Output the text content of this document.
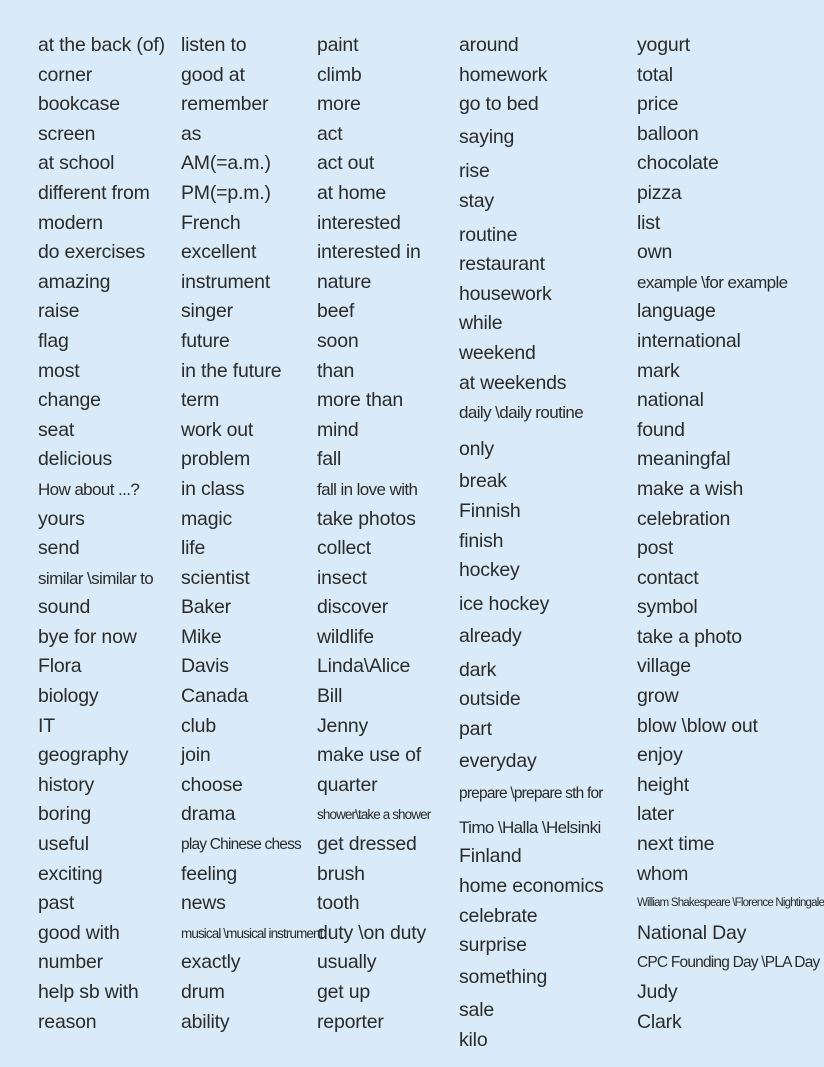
at the back (of)
corner
bookcase
screen
at school
different from
modern
do exercises
amazing
raise
flag
most
change
seat
delicious
How about ...?
yours
send
similar \similar to
sound
bye for now
Flora
biology
IT
geography
history
boring
useful
exciting
past
good with
number
help sb with
reason
listen to
good at
remember
as
AM(=a.m.)
PM(=p.m.)
French
excellent
instrument
singer
future
in the future
term
work out
problem
in class
magic
life
scientist
Baker
Mike
Davis
Canada
club
join
choose
drama
play Chinese chess
feeling
news
musical \musical instrument
exactly
drum
ability
paint
climb
more
act
act out
at home
interested
interested in
nature
beef
soon
than
more than
mind
fall
fall in love with
take photos
collect
insect
discover
wildlife
Linda\Alice
Bill
Jenny
make use of
quarter
shower\take a shower
get dressed
brush
tooth
duty \on duty
usually
get up
reporter
around
homework
go to bed
saying
rise
stay
routine
restaurant
housework
while
weekend
at weekends
daily \daily routine
only
break
Finnish
finish
hockey
ice hockey
already
dark
outside
part
everyday
prepare \prepare sth for
Timo \Halla \Helsinki
Finland
home economics
celebrate
surprise
something
sale
kilo
yogurt
total
price
balloon
chocolate
pizza
list
own
example \for example
language
international
mark
national
found
meaningfal
make a wish
celebration
post
contact
symbol
take a photo
village
grow
blow \blow out
enjoy
height
later
next time
whom
William Shakespeare \Florence Nightingale
National Day
CPC Founding Day \PLA Day
Judy
Clark
